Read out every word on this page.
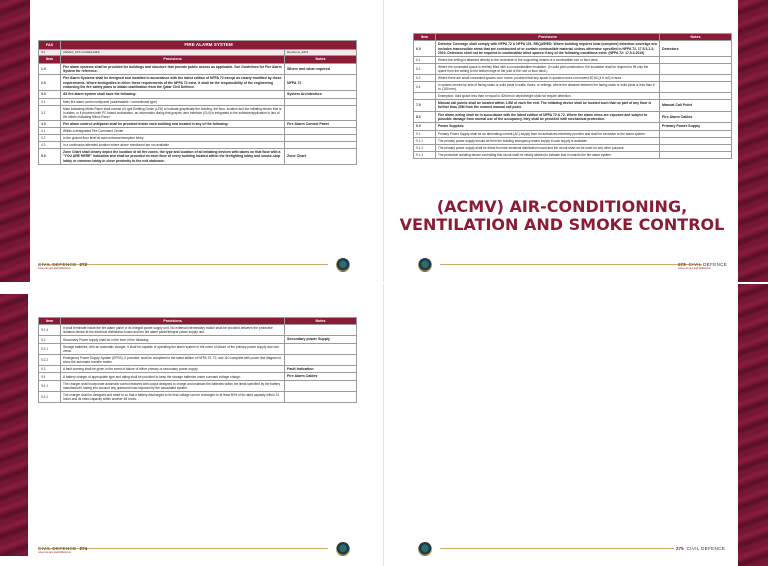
FAS	FIRE ALARM SYSTEM	
G1	ANNEX_FAS GUIDELINES	Revisions_2021
Item	Provisions	Notes
1.0	Fire alarm systems shall be provided for buildings and structure that provide public access as applicable. See Guidelines for Fire Alarm System for reference.	Where and what required
2.0	Fire Alarm Systems shall be designed and installed in accordance with the latest edition of NFPA 72 except as clearly modified by these requirements. Where ambiguities in either these requirements of the NFPA 72 exist. It shall be the responsibility of the engineering endorsing the fire safety plans to obtain clarification from the Qatar Civil Defence.	NFPA 72
3.0	All fire alarm system shall have the following:	System Architecture
3.1	Main fire alarm control unit/panel (addressable / conventional type)	
3.2	Main Indicating Mimic Panel shall consist of Light Emitting Diode (LED) to indicate graphically the building, the floor, location and the initiating device that is in alarm; or if provided with PC based workstation, an information dialog that graphic user interface (GUI) is integrated in the software/application in lieu of the Mimic Indicating Mimic Panel	
4.0	Fire alarm control unit/panel shall be provided inside each building and located in any of the following:	Fire Alarm Control Panel
4.1	Within a designated Fire Command Center	
4.2	In the ground floor level at main entrance/reception lobby	
4.3	In a continuous attended location where above mentioned are not available	
5.0	Zone Chart shall clearly depict the location of all fire zones, the type and location of all initiating devices with labels on that floor with a "YOU ARE HERE" indication and shall be provided on each floor of every building located within the firefighting lobby and smoke-stop lobby or common lobby in close proximity to the exit staircase.	Zone Chart
Item	Provisions	Notes
6.0	Detector Coverage shall comply with NFPA 72 & NFPA 101. REQUIRED: Where building requires total (complete) detection coverage w/o includes inaccessible areas that are constructed of or contain combustible material, unless otherwise specified in NFPA 72. 17.5.3.1.3-2019. Detectors shall not be required in combustible blind spaces if any of the following conditions exist: (NFPA 72: 17.5.3-2019)	Detectors
6.1	Where the ceiling is attached directly to the underside of the supporting beams of a combustible roof or floor deck.	
6.2	Where the concealed space is entirely filled with a noncombustible insulation. (In solid joist construction, the insulation shall be required to fill only the space from the ceiling to the bottom edge of the joist of the roof or floor deck.)	
6.3	Where there are small concealed spaces over rooms, provided that any space in question does not exceed 50 ft2 (4.6 m2) in area.	
6.4	In spaces formed by sets of facing studs or solid joists in walls, floors, or ceilings, where the distance between the facing studs or solid joists is less than 6 in. (150 mm).	
	Exemption: Void space less than or equal to 400mm in depth/height shall not require detection.	
7.0	Manual call points shall be located within 1.5M of each fire exit. The initiating device shall be located such that no part of any floor is further than 30M from the nearest manual call point.	Manual Call Point
8.0	Fire alarm wiring shall be in accordance with the latest edition of NFPA 70 & 72. Where the alarm wires are exposed and subject to possible damage from normal use of the occupancy, they shall be provided with mechanical protection.	Fire Alarm Cables
9.0	Power Supplies:	Primary Power Supply
9.1	Primary Power Supply shall be an alternating current (AC) supply from an authorized electricity provider and shall be exclusive to the alarm system.	
9.1.1	The primary power supply should be from the building emergency mains supply if such supply is available.	
9.1.2	The primary power supply shall be direct from the electrical distribution board and the circuit shall not be used for any other purpose.	
9.1.3	The protective isolating device controlling this circuit shall be clearly labeled to indicate that it controls the fire alarm system.	
CIVIL DEFENCE 272
www.moi.gov.qa/civildefence
273 CIVIL DEFENCE
www.moi.gov.qa/civildefence
Item	Provisions	Notes
9.1.4	It shall terminate inside the fire alarm panel or its integral power supply unit. No external intermediary switch shall be provided between the protective isolation device at the electrical distribution board and the fire alarm panel/integral power supply unit.	
9.2	Secondary Power supply shall be in the form of the following:	Secondary power Supply
9.2.1	Storage batteries, with an automatic charger. It shall be capable of operating the alarm system in the event of failure of the primary power supply and vice versa.	
9.2.2	Emergency Power Supply System (EPSS), if provided, shall be compliant to the latest edition of NFPA 70, 72, and 110 complete with power line diagram to show the automatic transfer switch.	
9.3	A fault warning shall be given in the event of failure of either primary or secondary power supply.	Fault Indication
9.4	A battery charger of appropriate type and rating shall be provided to keep the storage batteries under constant voltage charge.	Fire Alarm Cables
9.4.1	The charger shall incorporate automatic control features with output designed to charge and maintain the batteries within the limits specified by the battery manufacturer, taking into account any quiescent load imposed by the associated system.	
9.4.2	The charger shall be designed and rated to so that a battery discharged to its final voltage can be recharged to at least 80% of its rated capacity within 24 hours and its rated capacity within another 48 hours.	
(ACMV) AIR-CONDITIONING, VENTILATION AND SMOKE CONTROL
CIVIL DEFENCE 274
www.moi.gov.qa/civildefence
275 CIVIL DEFENCE
